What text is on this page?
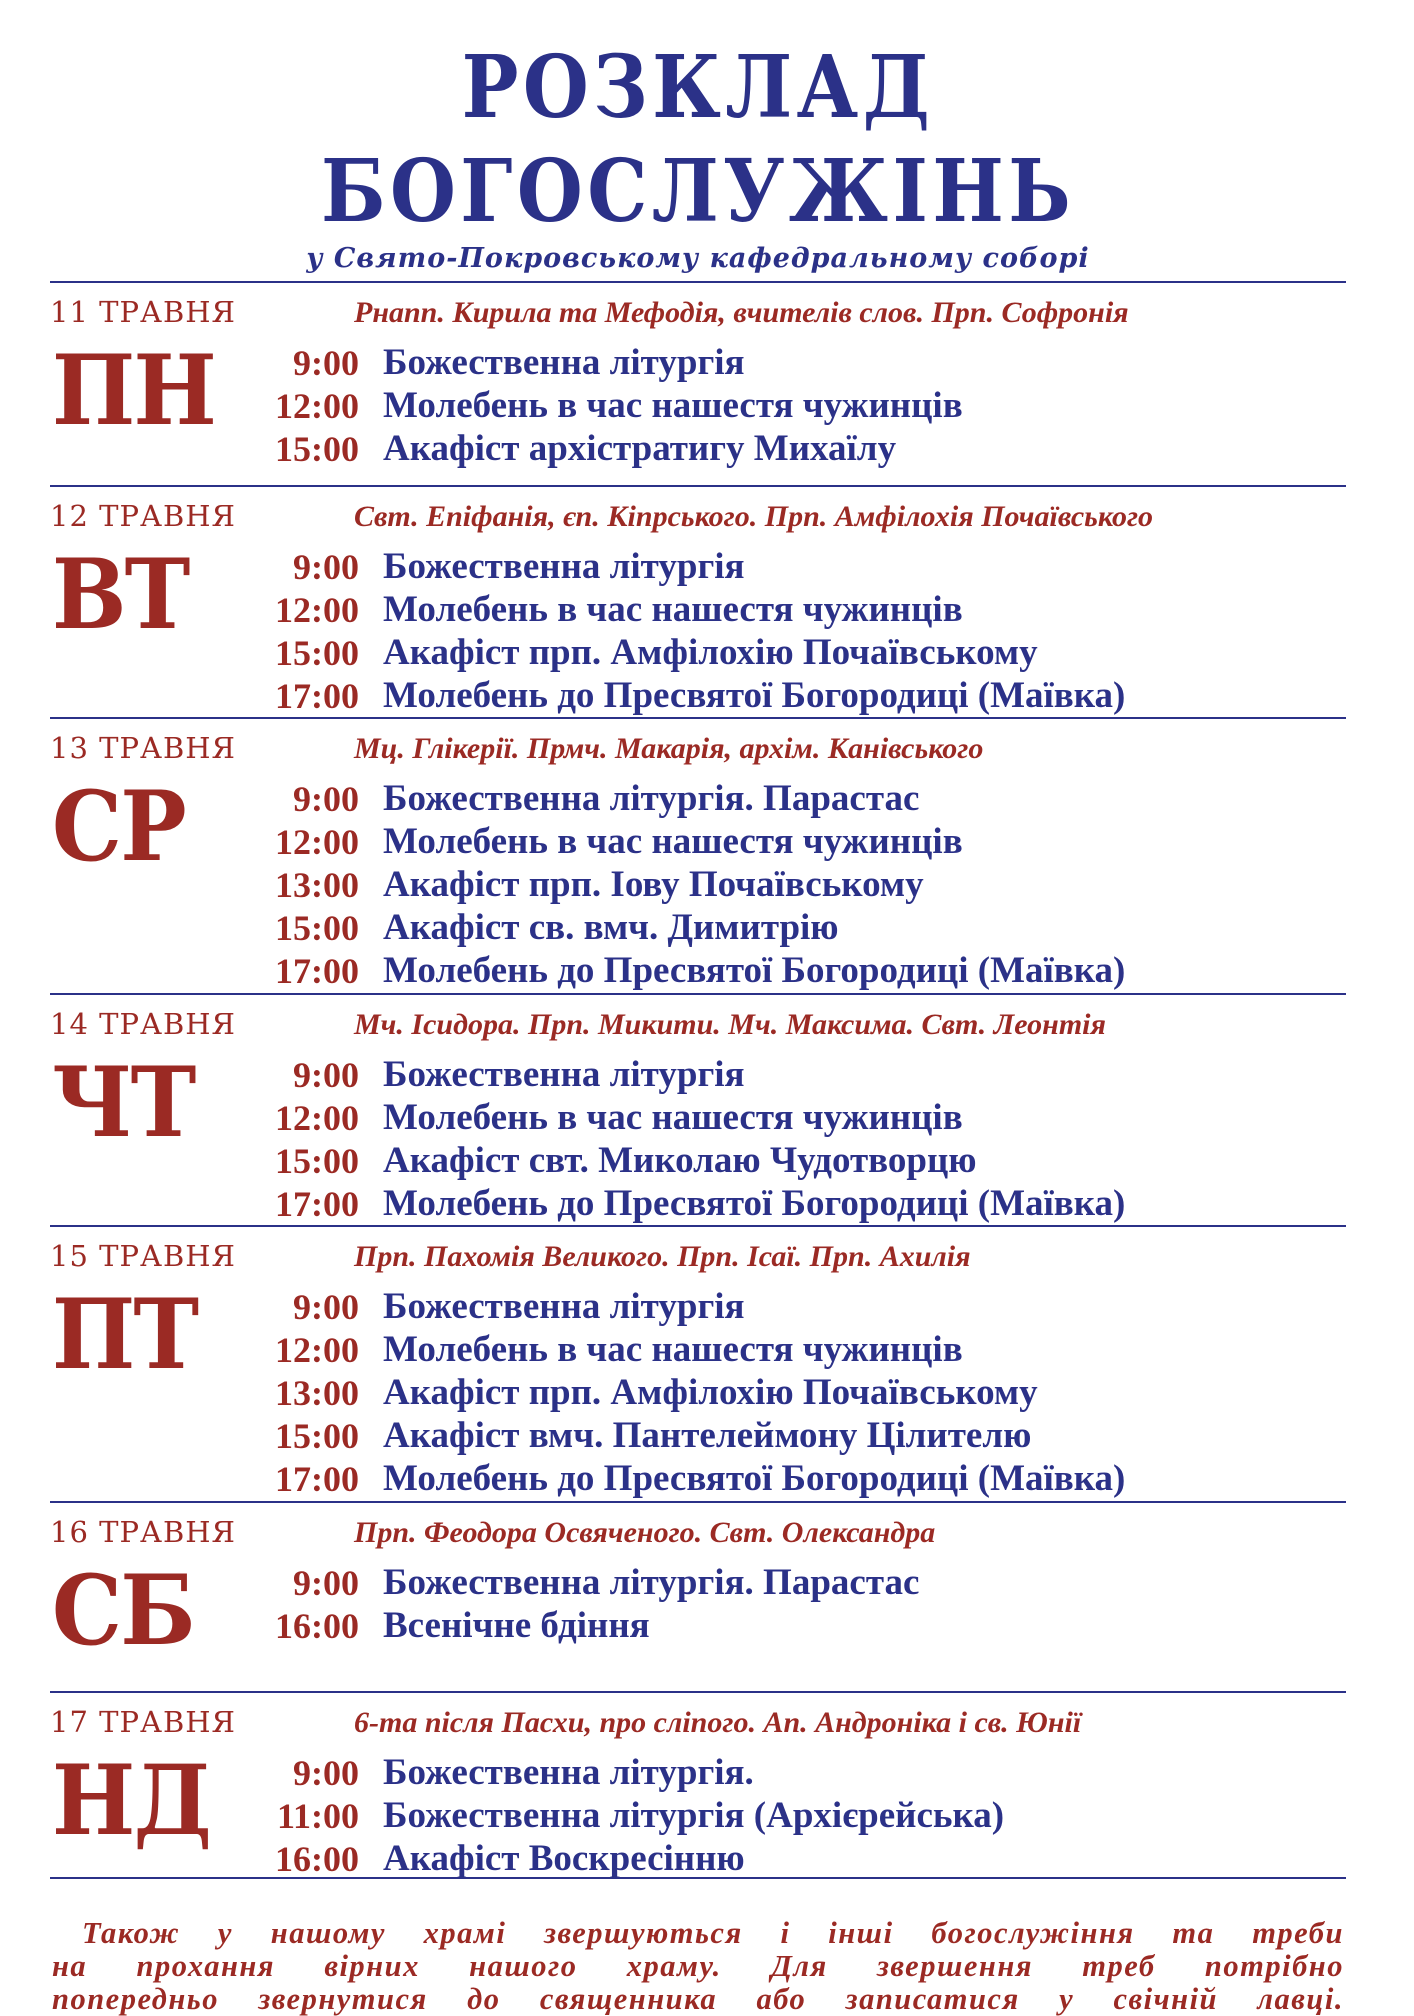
РОЗКЛАД БОГОСЛУЖІНЬ
у Свято-Покровському кафедральному соборі
11 ТРАВНЯ	Рнапп. Кирила та Мефодія, вчителів слов. Прп. Софронія
ПН	9:00 Божественна літургія
12:00 Молебень в час нашестя чужинців
15:00 Акафіст архістратигу Михаїлу
12 ТРАВНЯ	Свт. Епіфанія, єп. Кіпрського. Прп. Амфілохія Почаївського
ВТ	9:00 Божественна літургія
12:00 Молебень в час нашестя чужинців
15:00 Акафіст прп. Амфілохію Почаївському
17:00 Молебень до Пресвятої Богородиці (Маївка)
13 ТРАВНЯ	Мц. Глікерії. Прмч. Макарія, архім. Канівського
СР	9:00 Божественна літургія. Парастас
12:00 Молебень в час нашестя чужинців
13:00 Акафіст прп. Іову Почаївському
15:00 Акафіст св. вмч. Димитрію
17:00 Молебень до Пресвятої Богородиці (Маївка)
14 ТРАВНЯ	Мч. Ісидора. Прп. Микити. Мч. Максима. Свт. Леонтія
ЧТ	9:00 Божественна літургія
12:00 Молебень в час нашестя чужинців
15:00 Акафіст свт. Миколаю Чудотворцю
17:00 Молебень до Пресвятої Богородиці (Маївка)
15 ТРАВНЯ	Прп. Пахомія Великого. Прп. Ісаї. Прп. Ахилія
ПТ	9:00 Божественна літургія
12:00 Молебень в час нашестя чужинців
13:00 Акафіст прп. Амфілохію Почаївському
15:00 Акафіст вмч. Пантелеймону Цілителю
17:00 Молебень до Пресвятої Богородиці (Маївка)
16 ТРАВНЯ	Прп. Феодора Освяченого. Свт. Олександра
СБ	9:00 Божественна літургія. Парастас
16:00 Всенічне бдіння
17 ТРАВНЯ	6-та після Пасхи, про сліпого. Ап. Андроніка і св. Юнії
НД	9:00 Божественна літургія.
11:00 Божественна літургія (Архієрейська)
16:00 Акафіст Воскресінню
Також у нашому храмі звершуються і інші богослужіння та треби
на прохання вірних нашого храму. Для звершення треб потрібно
попередньо звернутися до священника або записатися у свічній лавці.
